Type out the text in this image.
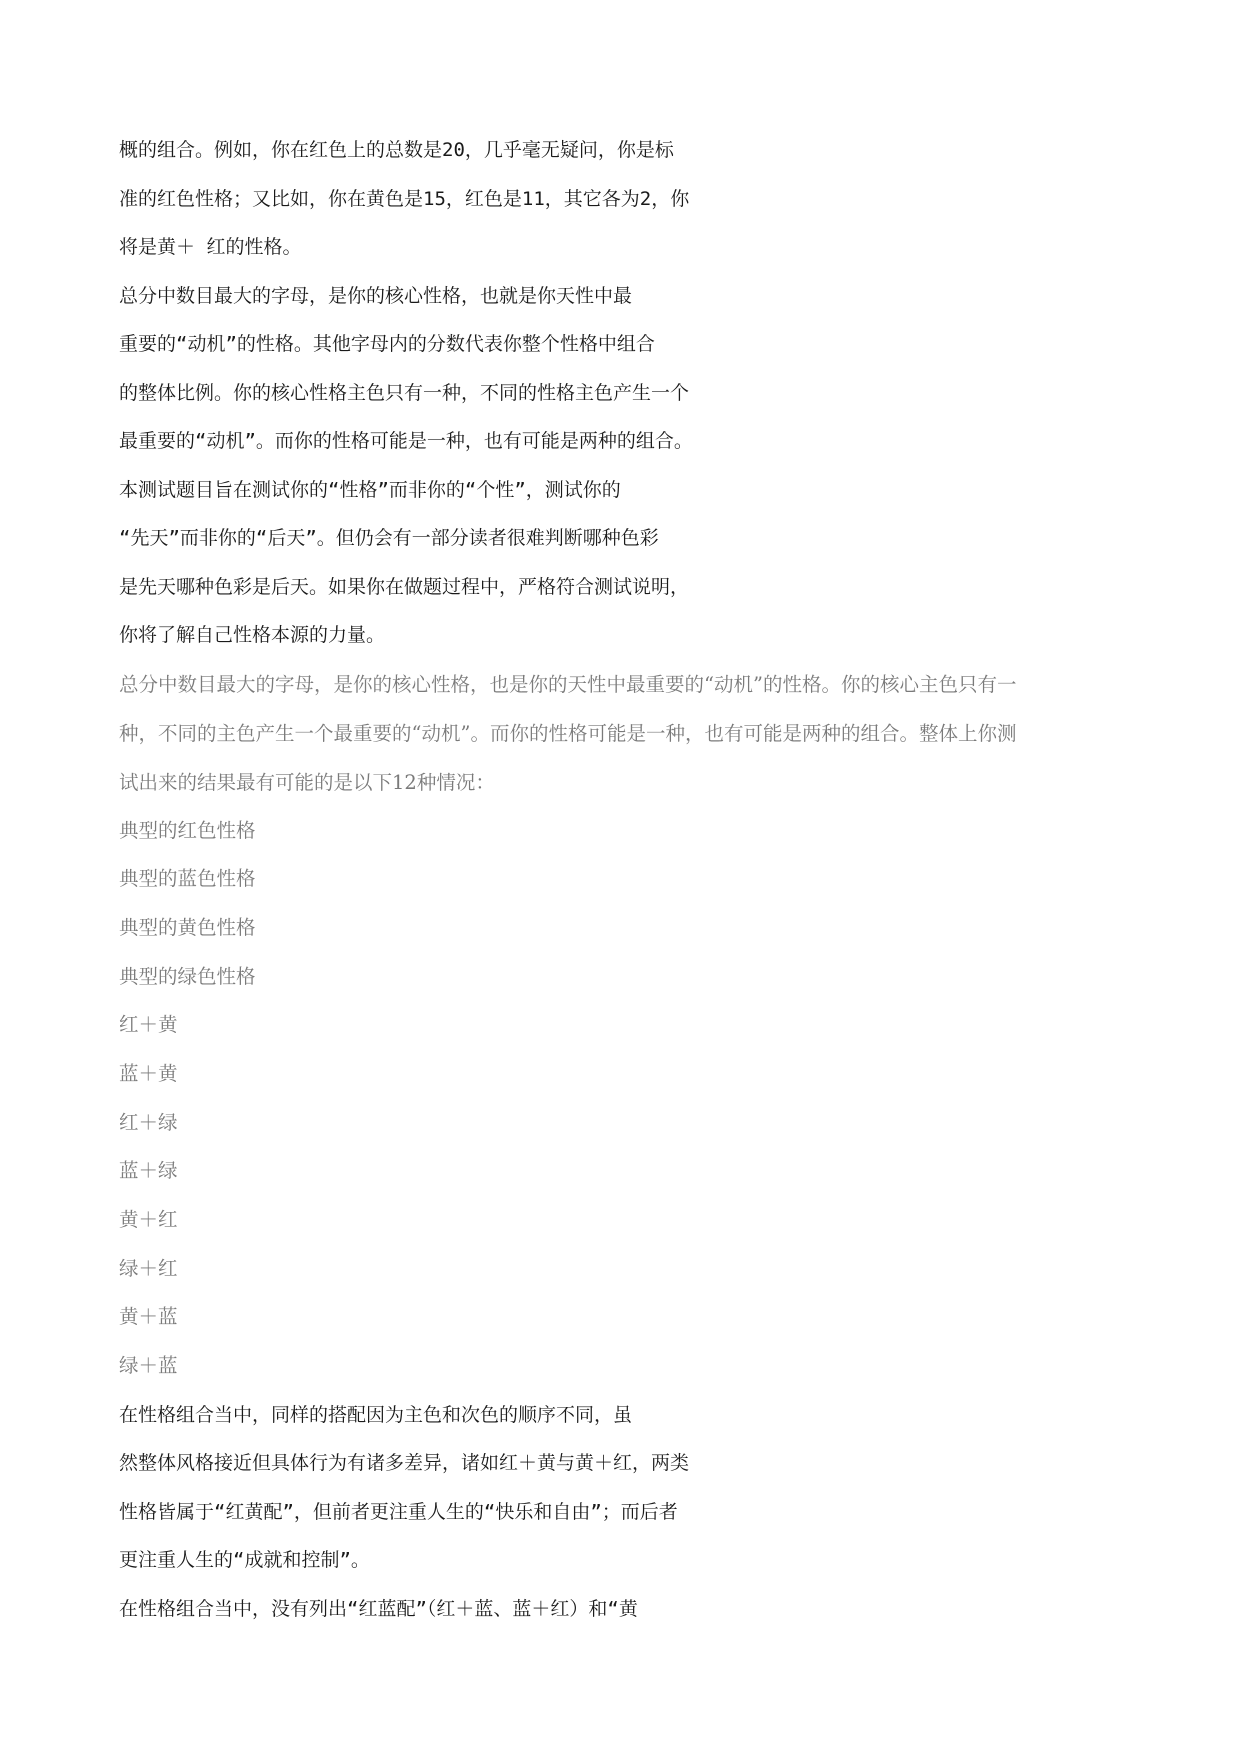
概的组合。例如，你在红色上的总数是20，几乎毫无疑问，你是标
准的红色性格；又比如，你在黄色是15，红色是11，其它各为2，你
将是黄＋ 红的性格。
总分中数目最大的字母，是你的核心性格，也就是你天性中最
重要的“动机”的性格。其他字母内的分数代表你整个性格中组合
的整体比例。你的核心性格主色只有一种，不同的性格主色产生一个
最重要的“动机”。而你的性格可能是一种，也有可能是两种的组合。
本测试题目旨在测试你的“性格”而非你的“个性”，测试你的
“先天”而非你的“后天”。但仍会有一部分读者很难判断哪种色彩
是先天哪种色彩是后天。如果你在做题过程中，严格符合测试说明，
你将了解自己性格本源的力量。
总分中数目最大的字母，是你的核心性格，也是你的天性中最重要的“动机”的性格。你的核心主色只有一
种，不同的主色产生一个最重要的“动机”。而你的性格可能是一种，也有可能是两种的组合。整体上你测
试出来的结果最有可能的是以下12种情况：
典型的红色性格
典型的蓝色性格
典型的黄色性格
典型的绿色性格
红＋黄
蓝＋黄
红＋绿
蓝＋绿
黄＋红
绿＋红
黄＋蓝
绿＋蓝
在性格组合当中，同样的搭配因为主色和次色的顺序不同，虽
然整体风格接近但具体行为有诸多差异，诸如红＋黄与黄＋红，两类
性格皆属于“红黄配”，但前者更注重人生的“快乐和自由”；而后者
更注重人生的“成就和控制”。
在性格组合当中，没有列出“红蓝配”（红＋蓝、蓝＋红）和“黄
